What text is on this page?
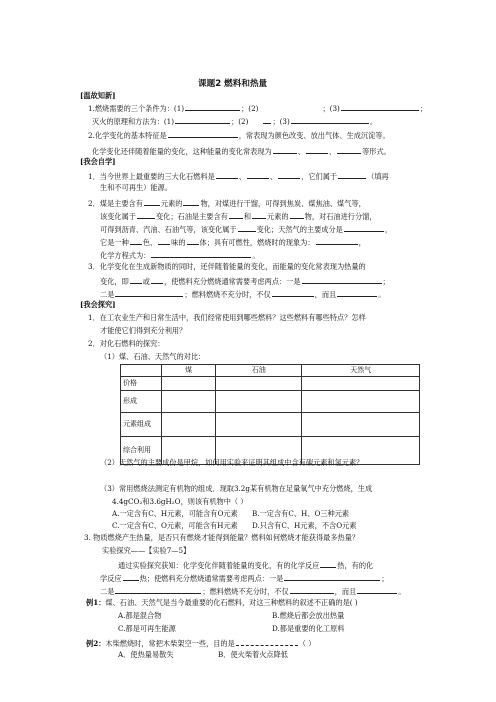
课题2 燃料和热量
[温故知新]
1.燃烧需要的三个条件为：(1)	；(2)	；(3)	；
灭火的原理和方法为：(1)	；(2)	；(3)	。
2.化学变化的基本特征是	，常表现为颜色改变、放出气体、生成沉淀等。
化学变化还伴随着能量的变化，这种能量的变化常表现为	、	、	等形式。
[我会自学]
1．当今世界上最重要的三大化石燃料是	、	、	，它们属于	（填再
生和不可再生）能源。
2．煤是主要含有	元素的	物，对煤进行干馏，可得到焦炭、煤焦油、煤气等，
该变化属于	变化；石油是主要含有 和 元素的 物，对石油进行分馏，
可得到沥青、汽油、石油气等，该变化属于	变化；天然气的主要成分是	，
它是一种 色、 味的 体；具有可燃性，燃烧时的现象为：	，
化学方程式为：	。
3．化学变化在生成新物质的同时，还伴随着能量的变化，而能量的变化常表现为热量的
变化，即 或 ，使燃料充分燃烧通常需要考虑两点：一是	；
二是	；燃料燃烧不充分时，不仅	，而且	。
[我会探究]
1．在工农业生产和日常生活中，我们经常使用到哪些燃料？这些燃料有哪些特点？怎样
才能使它们得到充分利用？
2．对化石燃料的探究：
（1）煤、石油、天然气的对比：
	煤	石油	天然气
价格			
形成			
元素组成			
综合利用			
（2）天然气的主要成份是甲烷，如何用实验来证明其组成中含有碳元素和氢元素？
（3）常用燃烧法测定有机物的组成．现取3.2g某有机物在足量氧气中充分燃烧，生成
4.4gCO₂和3.6gH₂O，则该有机物中（ ）
A.一定含有C、H元素，可能含有O元素 B.一定含有C、H、O三种元素
C.一定含有C、O元素，可能含有H元素 D.只含有C、H元素，不含O元素
3. 物质燃烧产生热量，是否只有燃烧才能得到能量？燃料如何燃烧才能获得最多热量？
实验探究——【实验7—5】
通过实验探究获知：化学变化伴随着能量的变化，有的化学反应	热，有的化
学反应	热；使燃料充分燃烧通常需要考虑两点：一是	；
二是	；燃料燃烧不充分时，不仅	，而且	。
例1：煤、石油、天然气是当今最重要的化石燃料，对这三种燃料的叙述不正确的是( )
A.都是混合物	B.燃烧后都会放出热量
C.都是可再生能源	D.都是重要的化工原料
例2：木柴燃烧时，常把木柴架空一些，目的是	（ ）
A．使热量易散失	B．使火柴着火点降低
